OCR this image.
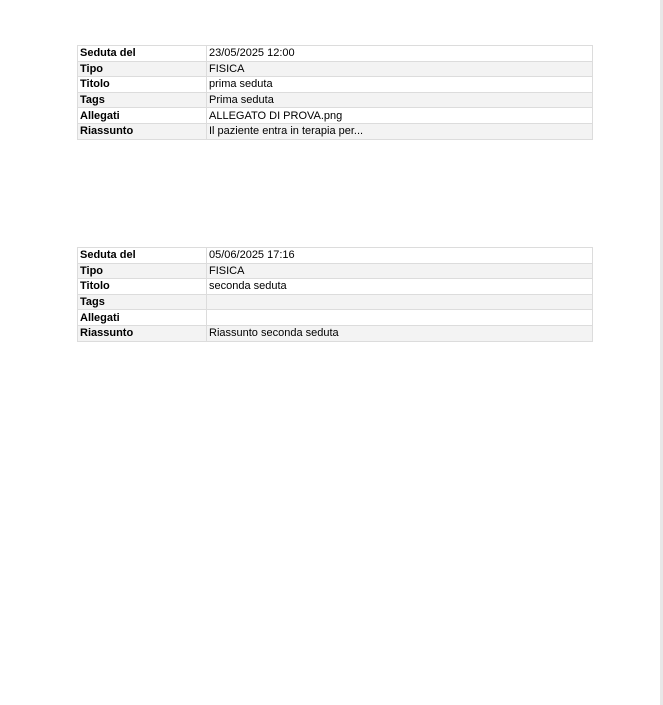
Seduta del	23/05/2025 12:00
Tipo	FISICA
Titolo	prima seduta
Tags	Prima seduta
Allegati	ALLEGATO DI PROVA.png
Riassunto	Il paziente entra in terapia per...
Seduta del	05/06/2025 17:16
Tipo	FISICA
Titolo	seconda seduta
Tags	
Allegati	
Riassunto	Riassunto seconda seduta
